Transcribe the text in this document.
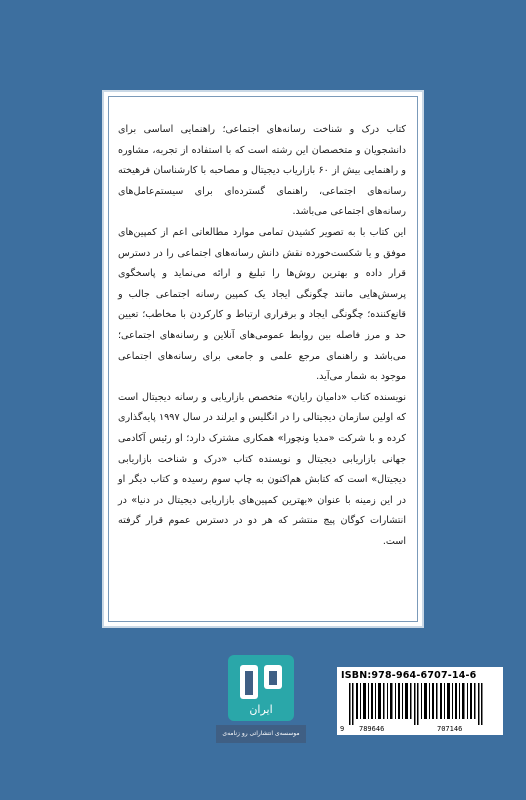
کتاب درک و شناخت رسانه‌های اجتماعی؛ راهنمایی اساسی برای دانشجویان و متخصصان این رشته است که با استفاده از تجربه، مشاوره و راهنمایی بیش از ۶۰ بازاریاب دیجیتال و مصاحبه با کارشناسان فرهیخته رسانه‌های اجتماعی، راهنمای گسترده‌ای برای سیستم‌عامل‌های رسانه‌های اجتماعی می‌باشد.

این کتاب با به تصویر کشیدن تمامی موارد مطالعاتی اعم از کمپین‌های موفق و یا شکست‌خورده نقش دانش رسانه‌های اجتماعی را در دسترس قرار داده و بهترین روش‌ها را تبلیغ و ارائه می‌نماید و پاسخگوی پرسش‌هایی مانند چگونگی ایجاد یک کمپین رسانه اجتماعی جالب و قانع‌کننده؛ چگونگی ایجاد و برقراری ارتباط و کارکردن با مخاطب؛ تعیین حد و مرز فاصله بین روابط عمومی‌های آنلاین و رسانه‌های اجتماعی؛ می‌باشد و راهنمای مرجع علمی و جامعی برای رسانه‌های اجتماعی موجود به شمار می‌آید.

نویسنده کتاب «دامیان رایان» متخصص بازاریابی و رسانه دیجیتال است که اولین سازمان دیجیتالی را در انگلیس و ایرلند در سال ۱۹۹۷ پایه‌گذاری کرده و با شرکت «مدیا ونچورا» همکاری مشترک دارد؛ او رئیس آکادمی جهانی بازاریابی دیجیتال و نویسنده کتاب «درک و شناخت بازاریابی دیجیتال» است که کتابش هم‌اکنون به چاپ سوم رسیده و کتاب دیگر او در این زمینه با عنوان «بهترین کمپین‌های بازاریابی دیجیتال در دنیا» در انتشارات کوگان پیج منتشر که هر دو در دسترس عموم قرار گرفته است.

ایران
موسسه‌ی انتشاراتی رو زنامه‌ی
ISBN:978-964-6707-14-6
9 789646	707146
